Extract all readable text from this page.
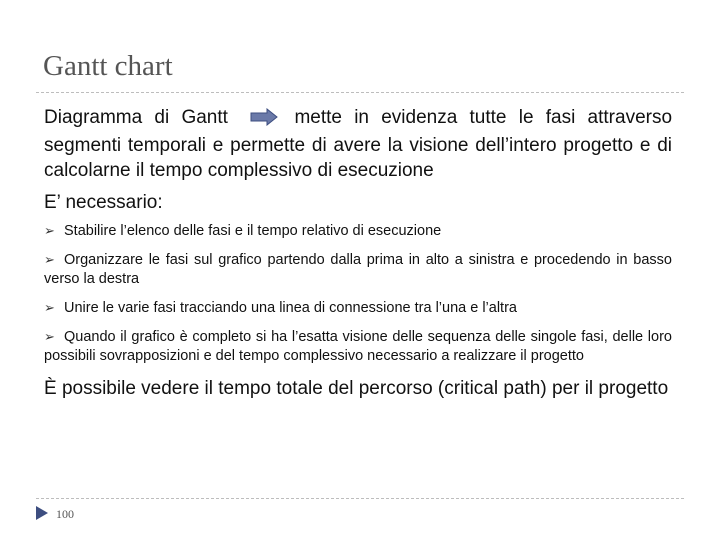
Gantt chart

Diagramma di Gantt	mette in evidenza tutte le fasi attraverso segmenti temporali e permette di avere la visione dell’intero progetto e di calcolarne il tempo complessivo di esecuzione

E’ necessario:

➢ Stabilire l’elenco delle fasi e il tempo relativo di esecuzione

➢ Organizzare le fasi sul grafico partendo dalla prima in alto a sinistra e procedendo in basso verso la destra

➢ Unire le varie fasi tracciando una linea di connessione tra l’una e l’altra

➢ Quando il grafico è completo si ha l’esatta visione delle sequenza delle singole fasi, delle loro possibili sovrapposizioni e del tempo complessivo necessario a realizzare il progetto

È possibile vedere il tempo totale del percorso (critical path) per il progetto

100
